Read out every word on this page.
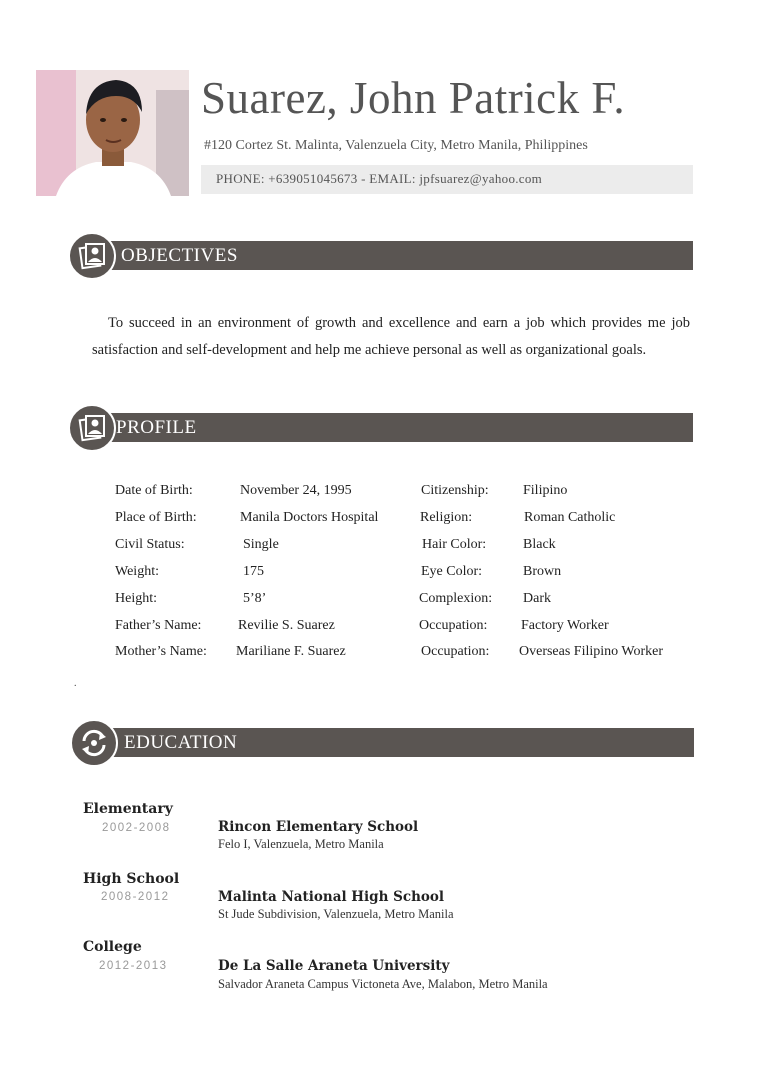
Suarez, John Patrick F.
#120 Cortez St. Malinta, Valenzuela City, Metro Manila, Philippines
PHONE: +639051045673 - EMAIL: jpfsuarez@yahoo.com
OBJECTIVES
To succeed in an environment of growth and excellence and earn a job which provides me job satisfaction and self-development and help me achieve personal as well as organizational goals.
PROFILE
Date of Birth:	November 24, 1995	Citizenship: Filipino
Place of Birth:	Manila Doctors Hospital	Religion:	Roman Catholic
Civil Status:	Single	Hair Color:	Black
Weight:	175	Eye Color:	Brown
Height:	5’8’	Complexion: Dark
Father’s Name:	Revilie S. Suarez	Occupation: Factory Worker
Mother’s Name: Mariliane F. Suarez	Occupation: Overseas Filipino Worker
.
EDUCATION
Elementary
2002-2008	Rincon Elementary School
Felo I, Valenzuela, Metro Manila
High School
2008-2012	Malinta National High School
St Jude Subdivision, Valenzuela, Metro Manila
College
2012-2013	De La Salle Araneta University
Salvador Araneta Campus Victoneta Ave, Malabon, Metro Manila
